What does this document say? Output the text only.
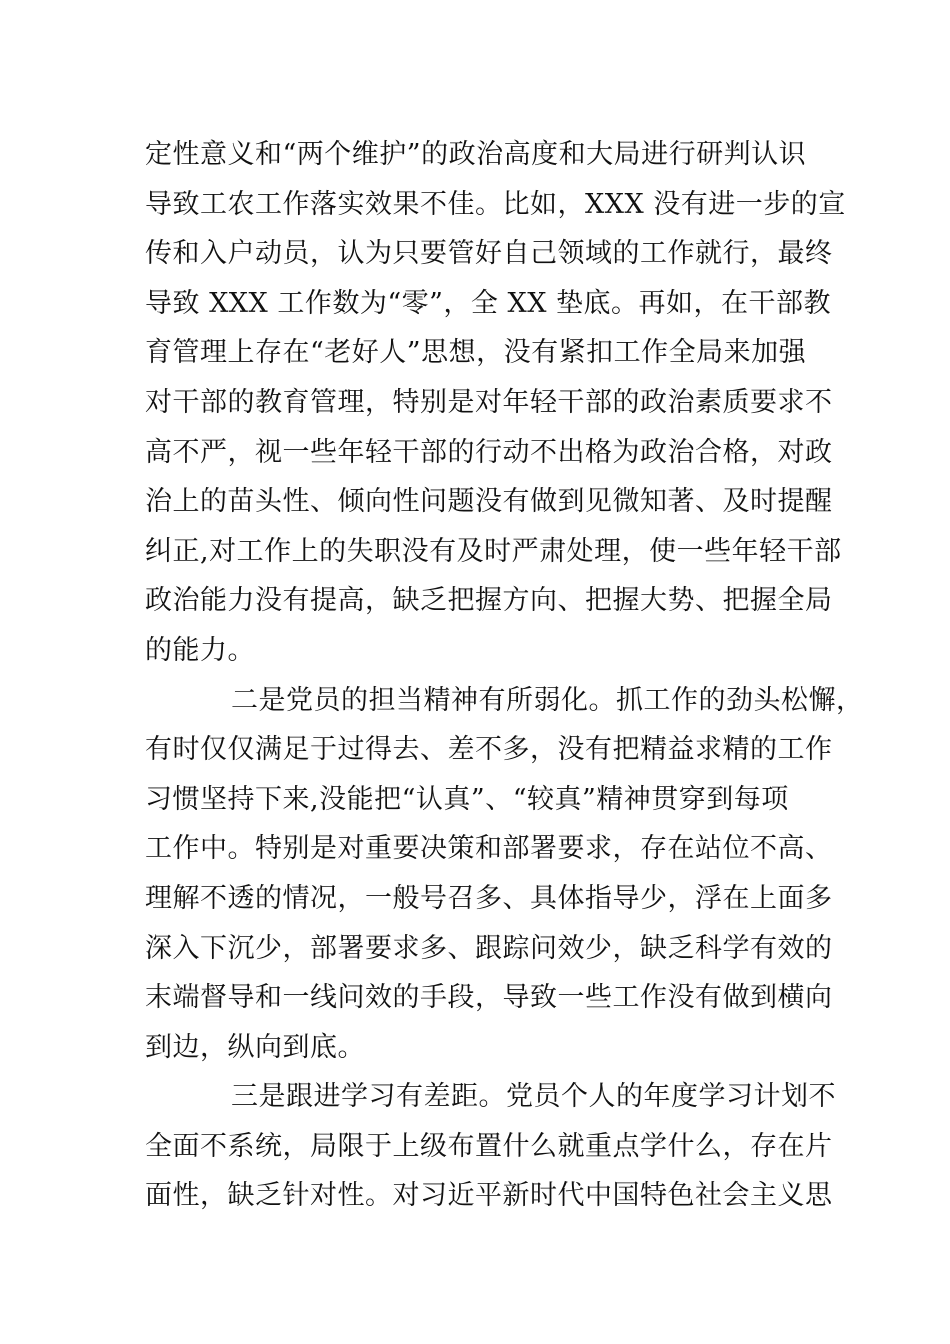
定性意义和“两个维护”的政治高度和大局进行研判认识
导致工农工作落实效果不佳。比如，XXX 没有进一步的宣
传和入户动员，认为只要管好自己领域的工作就行，最终
导致 XXX 工作数为“零”，全 XX 垫底。再如，在干部教
育管理上存在“老好人”思想，没有紧扣工作全局来加强
对干部的教育管理，特别是对年轻干部的政治素质要求不
高不严，视一些年轻干部的行动不出格为政治合格，对政
治上的苗头性、倾向性问题没有做到见微知著、及时提醒
纠正,对工作上的失职没有及时严肃处理，使一些年轻干部
政治能力没有提高，缺乏把握方向、把握大势、把握全局
的能力。
二是党员的担当精神有所弱化。抓工作的劲头松懈，
有时仅仅满足于过得去、差不多，没有把精益求精的工作
习惯坚持下来,没能把“认真”、“较真”精神贯穿到每项
工作中。特别是对重要决策和部署要求，存在站位不高、
理解不透的情况，一般号召多、具体指导少，浮在上面多
深入下沉少，部署要求多、跟踪问效少，缺乏科学有效的
末端督导和一线问效的手段，导致一些工作没有做到横向
到边，纵向到底。
三是跟进学习有差距。党员个人的年度学习计划不
全面不系统，局限于上级布置什么就重点学什么，存在片
面性，缺乏针对性。对习近平新时代中国特色社会主义思
